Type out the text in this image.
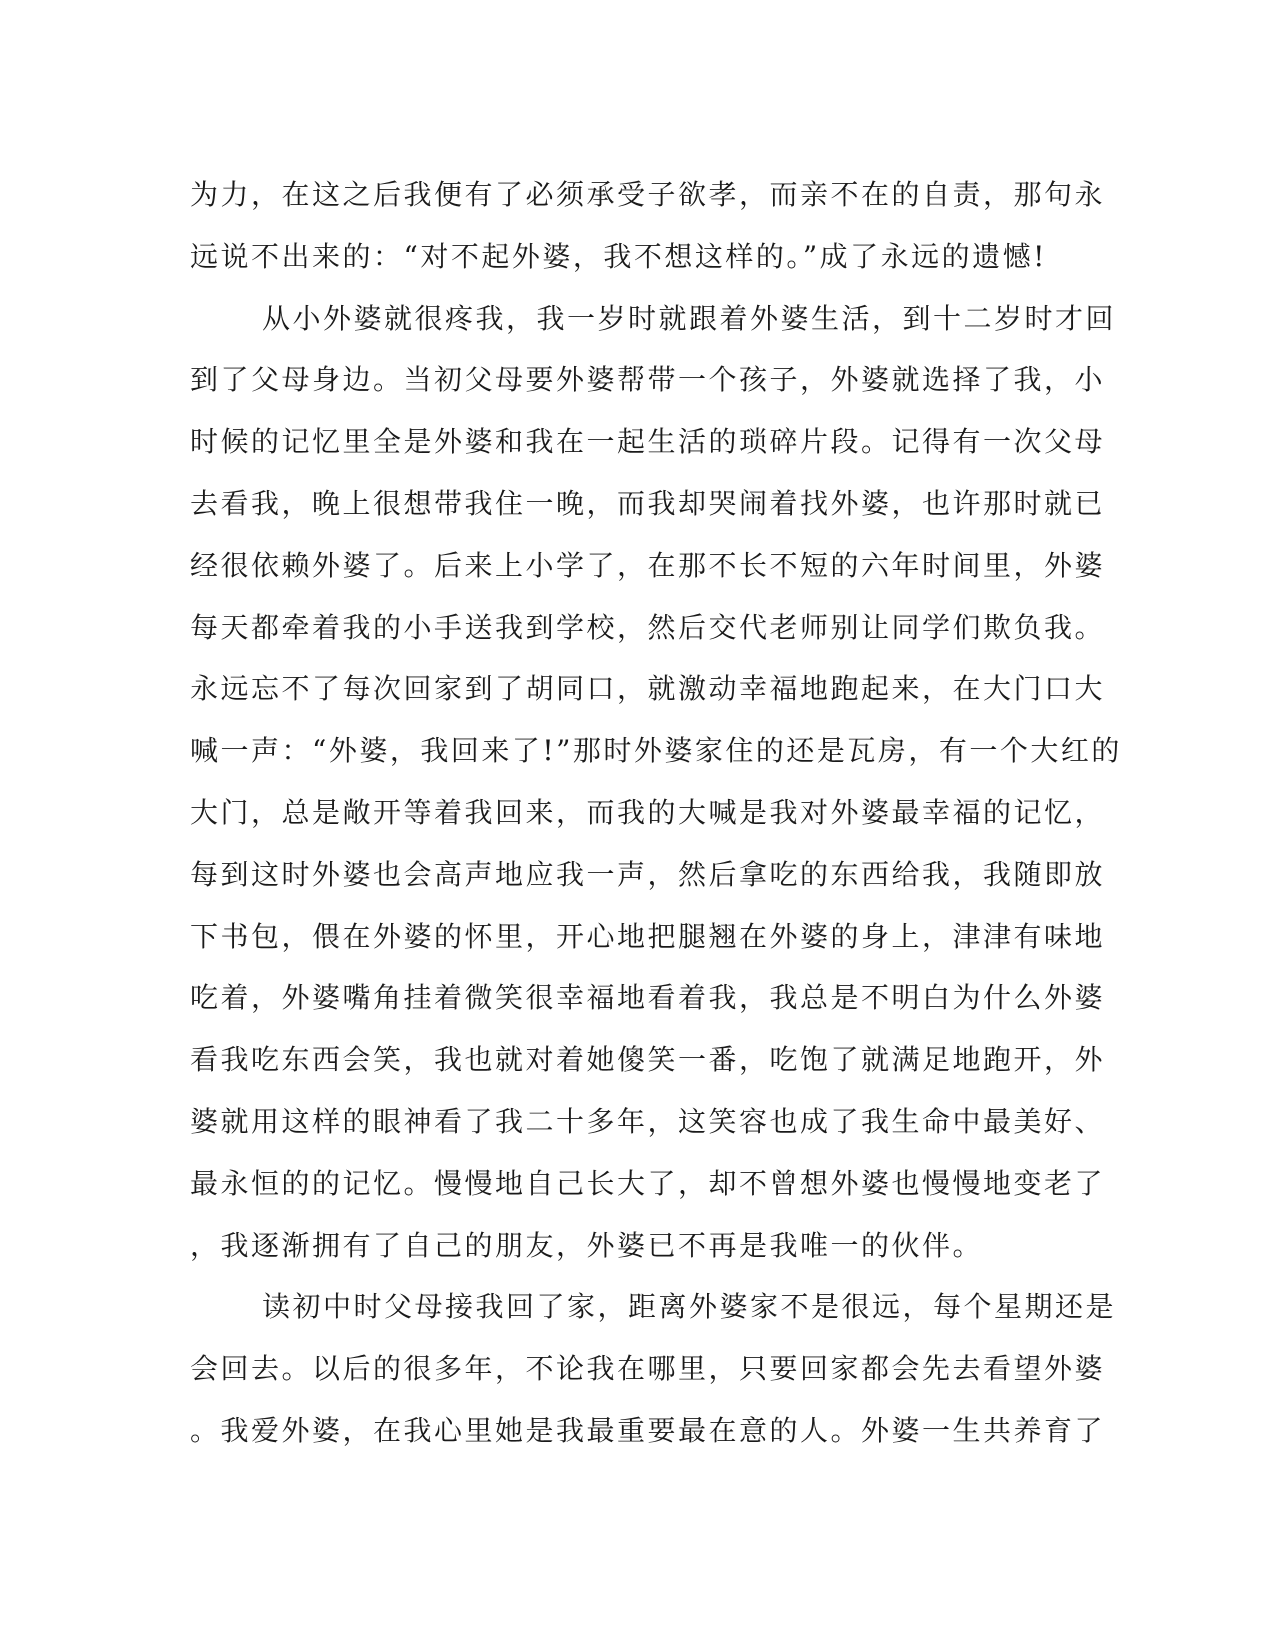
为力，在这之后我便有了必须承受子欲孝，而亲不在的自责，那句永
远说不出来的：“对不起外婆，我不想这样的。”成了永远的遗憾!
从小外婆就很疼我，我一岁时就跟着外婆生活，到十二岁时才回
到了父母身边。当初父母要外婆帮带一个孩子，外婆就选择了我，小
时候的记忆里全是外婆和我在一起生活的琐碎片段。记得有一次父母
去看我，晚上很想带我住一晚，而我却哭闹着找外婆，也许那时就已
经很依赖外婆了。后来上小学了，在那不长不短的六年时间里，外婆
每天都牵着我的小手送我到学校，然后交代老师别让同学们欺负我。
永远忘不了每次回家到了胡同口，就激动幸福地跑起来，在大门口大
喊一声：“外婆，我回来了!”那时外婆家住的还是瓦房，有一个大红的
大门，总是敞开等着我回来，而我的大喊是我对外婆最幸福的记忆，
每到这时外婆也会高声地应我一声，然后拿吃的东西给我，我随即放
下书包，偎在外婆的怀里，开心地把腿翘在外婆的身上，津津有味地
吃着，外婆嘴角挂着微笑很幸福地看着我，我总是不明白为什么外婆
看我吃东西会笑，我也就对着她傻笑一番，吃饱了就满足地跑开，外
婆就用这样的眼神看了我二十多年，这笑容也成了我生命中最美好、
最永恒的的记忆。慢慢地自己长大了，却不曾想外婆也慢慢地变老了
，我逐渐拥有了自己的朋友，外婆已不再是我唯一的伙伴。
读初中时父母接我回了家，距离外婆家不是很远，每个星期还是
会回去。以后的很多年，不论我在哪里，只要回家都会先去看望外婆
。我爱外婆，在我心里她是我最重要最在意的人。外婆一生共养育了
